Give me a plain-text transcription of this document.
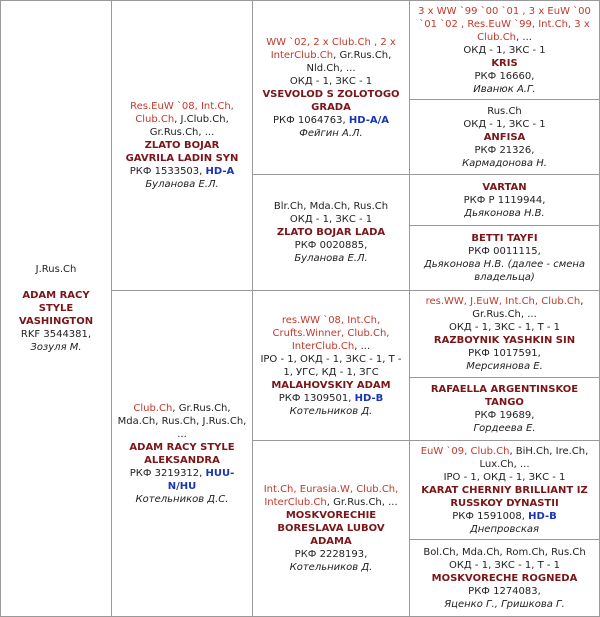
J.Rus.Ch

ADAM RACY
STYLE
VASHINGTON
RKF 3544381,
Зозуля М.
Res.EuW `08, Int.Ch, Club.Ch, J.Club.Ch, Gr.Rus.Ch, ...
ZLATO BOJAR
GAVRILA LADIN SYN
РКФ 1533503, HD-A
Буланова Е.Л.
Club.Ch, Gr.Rus.Ch, Mda.Ch, Rus.Ch, J.Rus.Ch, ...
ADAM RACY STYLE
ALEKSANDRA
РКФ 3219312, HUU-N/HU
Котельников Д.С.
WW `02, 2 x Club.Ch , 2 x InterClub.Ch, Gr.Rus.Ch, Nld.Ch, ...
ОКД - 1, ЗКС - 1
VSEVOLOD S ZOLOTOGO
GRADA
РКФ 1064763, HD-A/A
Фейгин А.Л.
Blr.Ch, Mda.Ch, Rus.Ch
ОКД - 1, ЗКС - 1
ZLATO BOJAR LADA
РКФ 0020885,
Буланова Е.Л.
res.WW `08, Int.Ch, Crufts.Winner, Club.Ch, InterClub.Ch, ...
IPO - 1, ОКД - 1, ЗКС - 1, Т - 1, УГС, КД - 1, ЗГС
MALAHOVSKIY ADAM
РКФ 1309501, HD-B
Котельников Д.
Int.Ch, Eurasia.W, Club.Ch, InterClub.Ch, Gr.Rus.Ch, ...
MOSKVORECHIE
BORESLAVA LUBOV ADAMA
РКФ 2228193,
Котельников Д.
3 x WW `99 `00 `01 , 3 x EuW `00 `01 `02 , Res.EuW `99, Int.Ch, 3 x Club.Ch, ...
ОКД - 1, ЗКС - 1
KRIS
РКФ 16660,
Иванюк А.Г.
Rus.Ch
ОКД - 1, ЗКС - 1
ANFISA
РКФ 21326,
Кармадонова Н.
VARTAN
РКФ Р 1119944,
Дьяконова Н.В.
BETTI TAYFI
РКФ 0011115,
Дьяконова Н.В. (далее - смена владельца)
res.WW, J.EuW, Int.Ch, Club.Ch, Gr.Rus.Ch, ...
ОКД - 1, ЗКС - 1, Т - 1
RAZBOYNIK YASHKIN SIN
РКФ 1017591,
Мерсиянова Е.
RAFAELLA ARGENTINSKOE
TANGO
РКФ 19689,
Гордеева Е.
EuW `09, Club.Ch, BiH.Ch, Ire.Ch, Lux.Ch, ...
IPO - 1, ОКД - 1, ЗКС - 1
KARAT CHERNIY BRILLIANT IZ
RUSSKOY DYNASTII
РКФ 1591008, HD-B
Днепровская
Bol.Ch, Mda.Ch, Rom.Ch, Rus.Ch
ОКД - 1, ЗКС - 1, Т - 1
MOSKVORECHE ROGNEDA
РКФ 1274083,
Яценко Г., Гришкова Г.
